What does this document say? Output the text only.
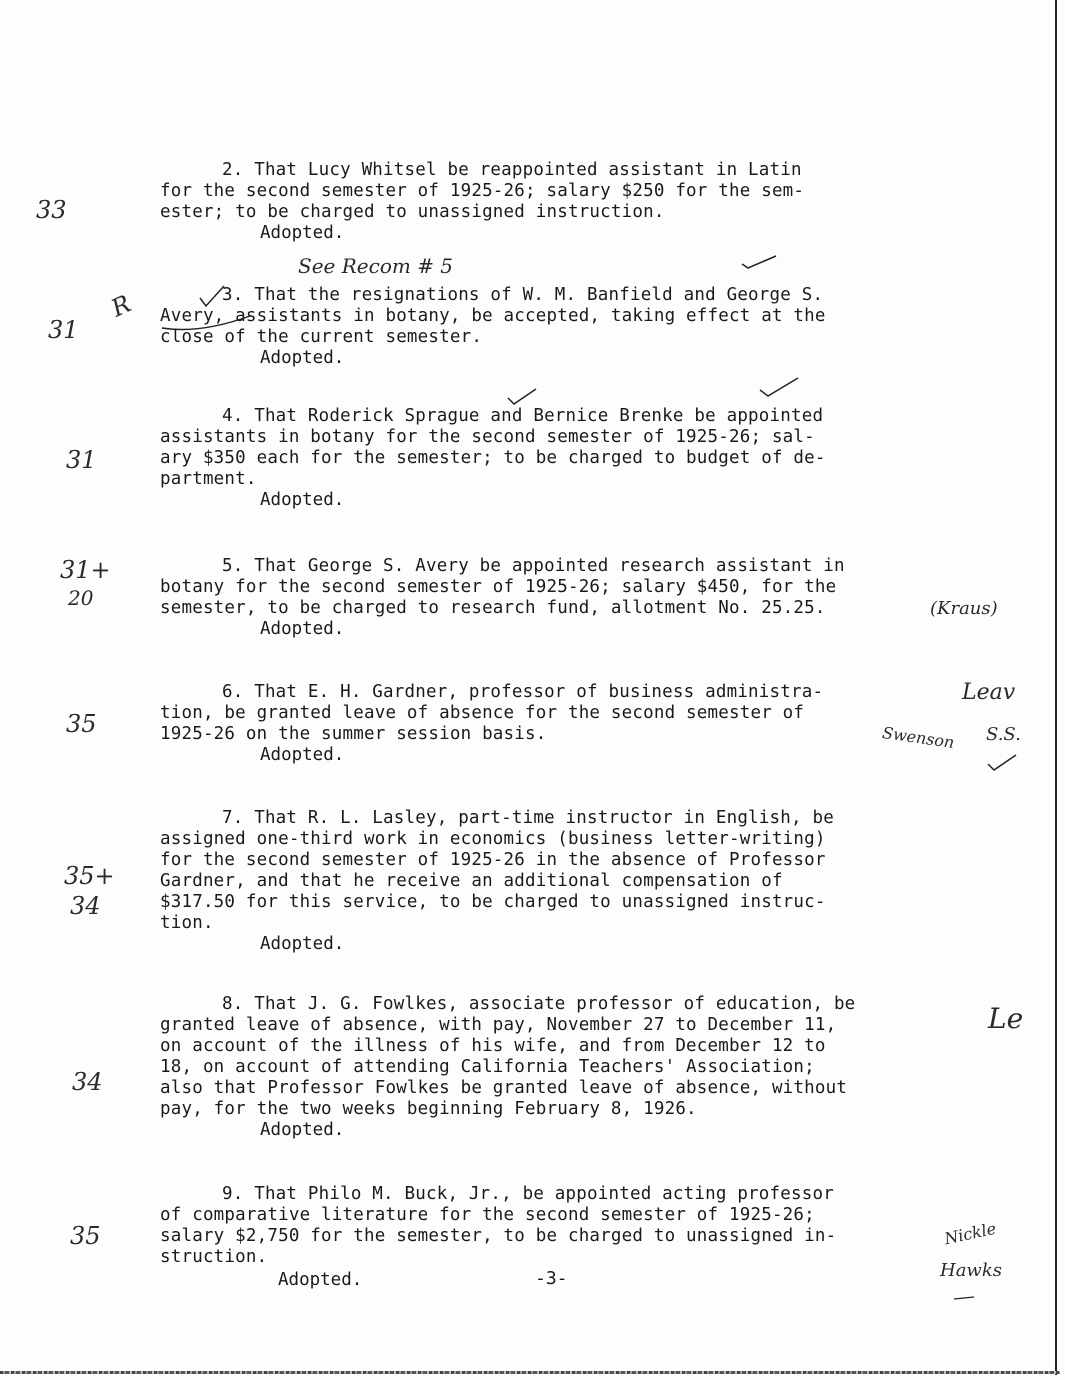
2. That Lucy Whitsel be reappointed assistant in Latin
for the second semester of 1925-26; salary $250 for the sem-
ester; to be charged to unassigned instruction.
Adopted.
3. That the resignations of W. M. Banfield and George S.
Avery, assistants in botany, be accepted, taking effect at the
close of the current semester.
Adopted.
4. That Roderick Sprague and Bernice Brenke be appointed
assistants in botany for the second semester of 1925-26; sal-
ary $350 each for the semester; to be charged to budget of de-
partment.
Adopted.
5. That George S. Avery be appointed research assistant in
botany for the second semester of 1925-26; salary $450, for the
semester, to be charged to research fund, allotment No. 25.25.
Adopted.
6. That E. H. Gardner, professor of business administra-
tion, be granted leave of absence for the second semester of
1925-26 on the summer session basis.
Adopted.
7. That R. L. Lasley, part-time instructor in English, be
assigned one-third work in economics (business letter-writing)
for the second semester of 1925-26 in the absence of Professor
Gardner, and that he receive an additional compensation of
$317.50 for this service, to be charged to unassigned instruc-
tion.
Adopted.
8. That J. G. Fowlkes, associate professor of education, be
granted leave of absence, with pay, November 27 to December 11,
on account of the illness of his wife, and from December 12 to
18, on account of attending California Teachers' Association;
also that Professor Fowlkes be granted leave of absence, without
pay, for the two weeks beginning February 8, 1926.
Adopted.
9. That Philo M. Buck, Jr., be appointed acting professor
of comparative literature for the second semester of 1925-26;
salary $2,750 for the semester, to be charged to unassigned in-
struction.
Adopted.	-3-
33
31
31
31+
20
35
35+
34
34
35
See Recom # 5
R
(Kraus)
Leav
S.S.
Swenson
Le
Nickle
Hawks
